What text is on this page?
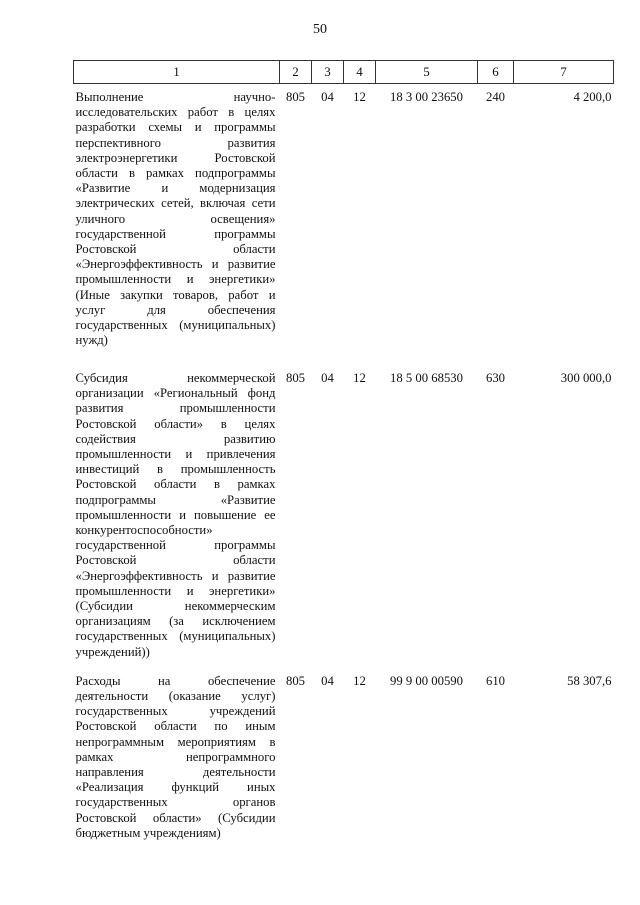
50
1	2	3	4	5	6	7
Выполнение научно-исследовательских работ в целях разработки схемы и программы перспективного развития электроэнергетики Ростовской области в рамках подпрограммы «Развитие и модернизация электрических сетей, включая сети уличного освещения» государственной программы Ростовской области «Энергоэффективность и развитие промышленности и энергетики» (Иные закупки товаров, работ и услуг для обеспечения государственных (муниципальных) нужд)	805	04	12	18 3 00 23650	240	4 200,0
Субсидия некоммерческой организации «Региональный фонд развития промышленности Ростовской области» в целях содействия развитию промышленности и привлечения инвестиций в промышленность Ростовской области в рамках подпрограммы «Развитие промышленности и повышение ее конкурентоспособности» государственной программы Ростовской области «Энергоэффективность и развитие промышленности и энергетики» (Субсидии некоммерческим организациям (за исключением государственных (муниципальных) учреждений))	805	04	12	18 5 00 68530	630	300 000,0
Расходы на обеспечение деятельности (оказание услуг) государственных учреждений Ростовской области по иным непрограммным мероприятиям в рамках непрограммного направления деятельности «Реализация функций иных государственных органов Ростовской области» (Субсидии бюджетным учреждениям)	805	04	12	99 9 00 00590	610	58 307,6
